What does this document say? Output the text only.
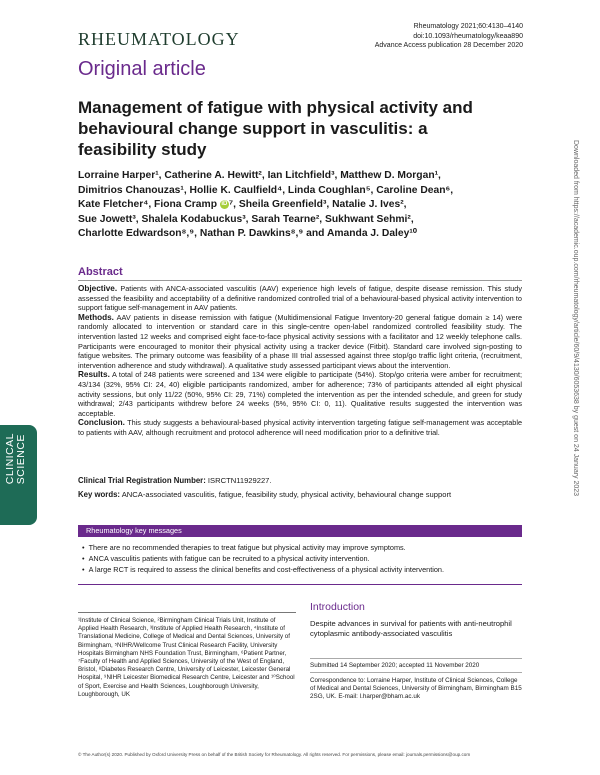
RHEUMATOLOGY
Rheumatology 2021;60:4130–4140
doi:10.1093/rheumatology/keaa890
Advance Access publication 28 December 2020
Original article
Management of fatigue with physical activity and behavioural change support in vasculitis: a feasibility study
Lorraine Harper¹, Catherine A. Hewitt², Ian Litchfield³, Matthew D. Morgan¹,
Dimitrios Chanouzas¹, Hollie K. Caulfield⁴, Linda Coughlan⁵, Caroline Dean⁶,
Kate Fletcher⁴, Fiona Cramp iD ⁷, Sheila Greenfield³, Natalie J. Ives²,
Sue Jowett³, Shalela Kodabuckus³, Sarah Tearne², Sukhwant Sehmi²,
Charlotte Edwardson⁸,⁹, Nathan P. Dawkins⁸,⁹ and Amanda J. Daley¹⁰
Abstract

Objective. Patients with ANCA-associated vasculitis (AAV) experience high levels of fatigue, despite disease remission. This study assessed the feasibility and acceptability of a definitive randomized controlled trial of a behavioural-based physical activity intervention to support fatigue self-management in AAV patients.

Methods. AAV patients in disease remission with fatigue (Multidimensional Fatigue Inventory-20 general fatigue domain ≥ 14) were randomly allocated to intervention or standard care in this single-centre open-label randomized controlled feasibility study. The intervention lasted 12 weeks and comprised eight face-to-face physical activity sessions with a facilitator and 12 weekly telephone calls. Participants were encouraged to monitor their physical activity using a tracker device (Fitbit). Standard care involved sign-posting to fatigue websites. The primary outcome was feasibility of a phase III trial assessed against three stop/go traffic light criteria, (recruitment, intervention adherence and study withdrawal). A qualitative study assessed participant views about the intervention.

Results. A total of 248 patients were screened and 134 were eligible to participate (54%). Stop/go criteria were amber for recruitment; 43/134 (32%, 95% CI: 24, 40) eligible participants randomized, amber for adherence; 73% of participants attended all eight physical activity sessions, but only 11/22 (50%, 95% CI: 29, 71%) completed the intervention as per the intended schedule, and green for study withdrawal; 2/43 participants withdrew before 24 weeks (5%, 95% CI: 0, 11). Qualitative results suggested the intervention was acceptable.

Conclusion. This study suggests a behavioural-based physical activity intervention targeting fatigue self-management was acceptable to patients with AAV, although recruitment and protocol adherence will need modification prior to a definitive trial.

Clinical Trial Registration Number: ISRCTN11929227.
Key words: ANCA-associated vasculitis, fatigue, feasibility study, physical activity, behavioural change support
Rheumatology key messages
• There are no recommended therapies to treat fatigue but physical activity may improve symptoms.
• ANCA vasculitis patients with fatigue can be recruited to a physical activity intervention.
• A large RCT is required to assess the clinical benefits and cost-effectiveness of a physical activity intervention.
¹Institute of Clinical Science, ²Birmingham Clinical Trials Unit, Institute of Applied Health Research, ³Institute of Applied Health Research, ⁴Institute of Translational Medicine, College of Medical and Dental Sciences, University of Birmingham, ⁵NIHR/Wellcome Trust Clinical Research Facility, University Hospitals Birmingham NHS Foundation Trust, Birmingham, ⁶Patient Partner, ⁷Faculty of Health and Applied Sciences, University of the West of England, Bristol, ⁸Diabetes Research Centre, University of Leicester, Leicester General Hospital, ⁹NIHR Leicester Biomedical Research Centre, Leicester and ¹⁰School of Sport, Exercise and Health Sciences, Loughborough University, Loughborough, UK
Introduction
Despite advances in survival for patients with anti-neutrophil cytoplasmic antibody-associated vasculitis
Submitted 14 September 2020; accepted 11 November 2020
Correspondence to: Lorraine Harper, Institute of Clinical Sciences, College of Medical and Dental Sciences, University of Birmingham, Birmingham B15 2SG, UK. E-mail: l.harper@bham.ac.uk
© The Author(s) 2020. Published by Oxford University Press on behalf of the British Society for Rheumatology. All rights reserved. For permissions, please email: journals.permissions@oup.com
CLINICAL
SCIENCE	Downloaded from https://academic.oup.com/rheumatology/article/60/9/4130/6053638 by guest on 24 January 2023
